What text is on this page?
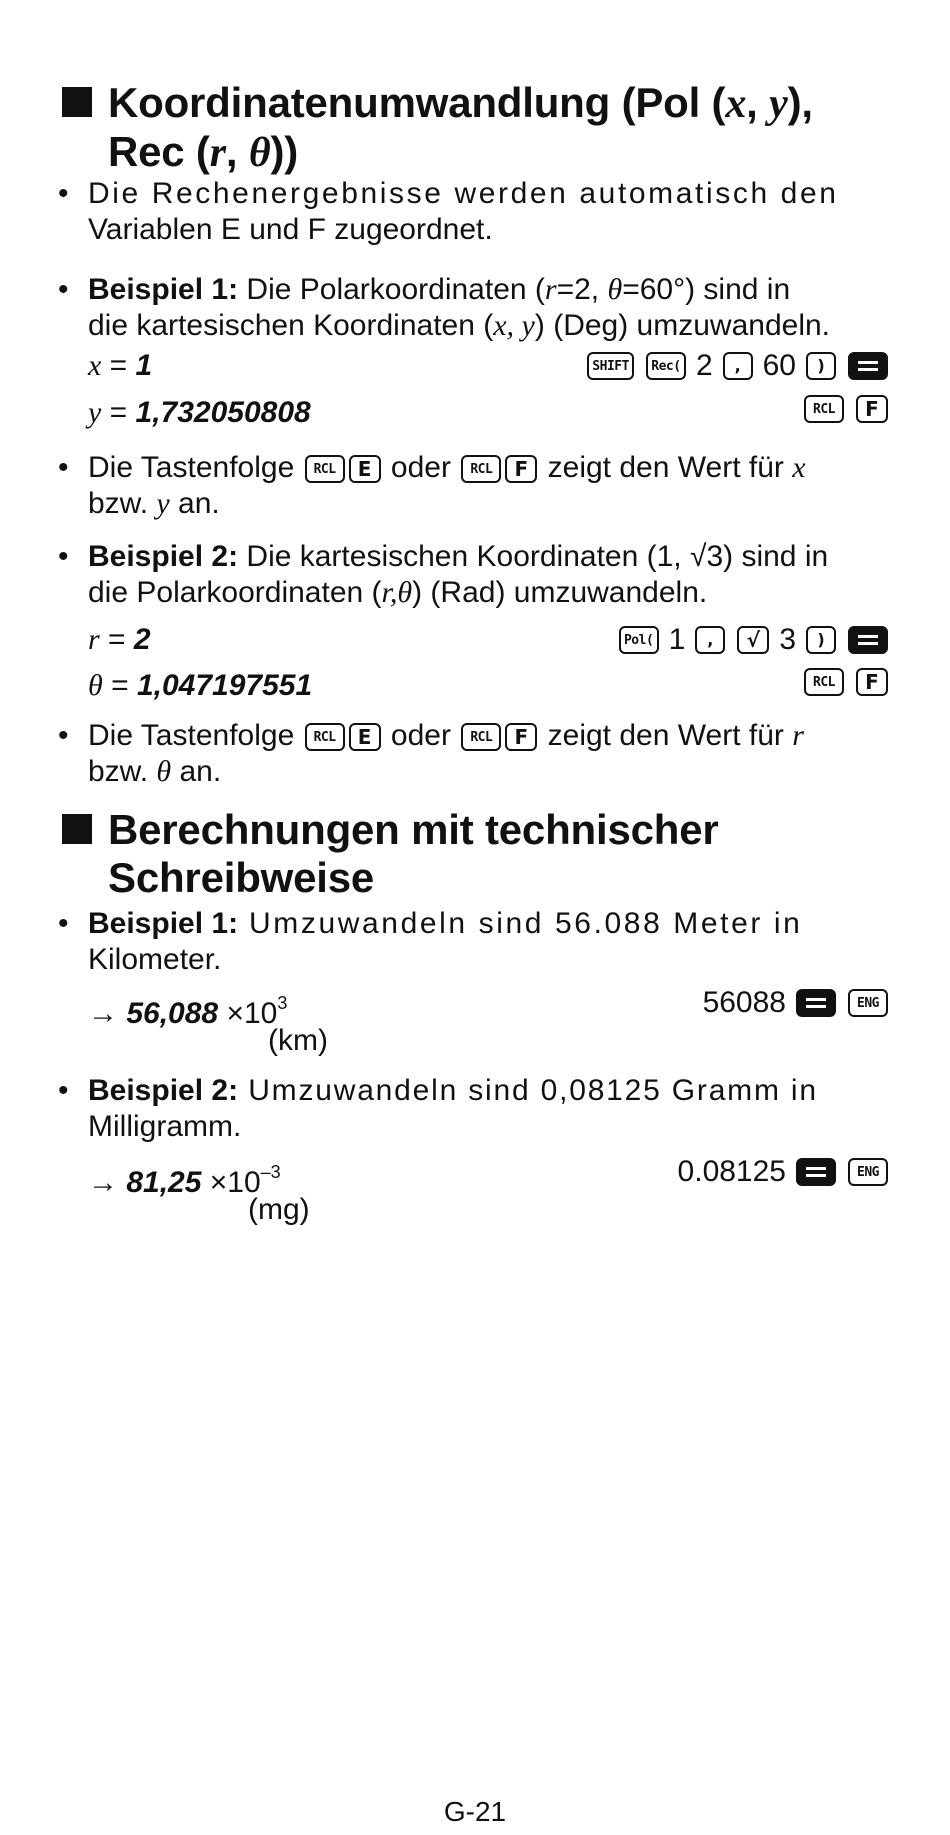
Koordinatenumwandlung (Pol (x, y),
Rec (r, θ))
• Die Rechenergebnisse werden automatisch den
Variablen E und F zugeordnet.
• Beispiel 1: Die Polarkoordinaten (r=2, θ=60°) sind in
die kartesischen Koordinaten (x, y) (Deg) umzuwandeln.
x = 1	SHIFT	Rec( 2 , 60 )
y = 1,732050808	RCL	F
• Die Tastenfolge RCL E oder RCL F zeigt den Wert für x
bzw. y an.
• Beispiel 2: Die kartesischen Koordinaten (1, √3) sind in
die Polarkoordinaten (r,θ) (Rad) umzuwandeln.
r = 2	Pol( 1 ,	√ 3 )
θ = 1,047197551	RCL	F
• Die Tastenfolge RCL E oder RCL F zeigt den Wert für r
bzw. θ an.
Berechnungen mit technischer
Schreibweise
• Beispiel 1: Umzuwandeln sind 56.088 Meter in
Kilometer.
→ $56,088 \times 10^3$	56088	ENG
(km)
• Beispiel 2: Umzuwandeln sind 0,08125 Gramm in
Milligramm.
→ $81,25 \times 10^{-3}$	0.08125	ENG
(mg)
G-21
